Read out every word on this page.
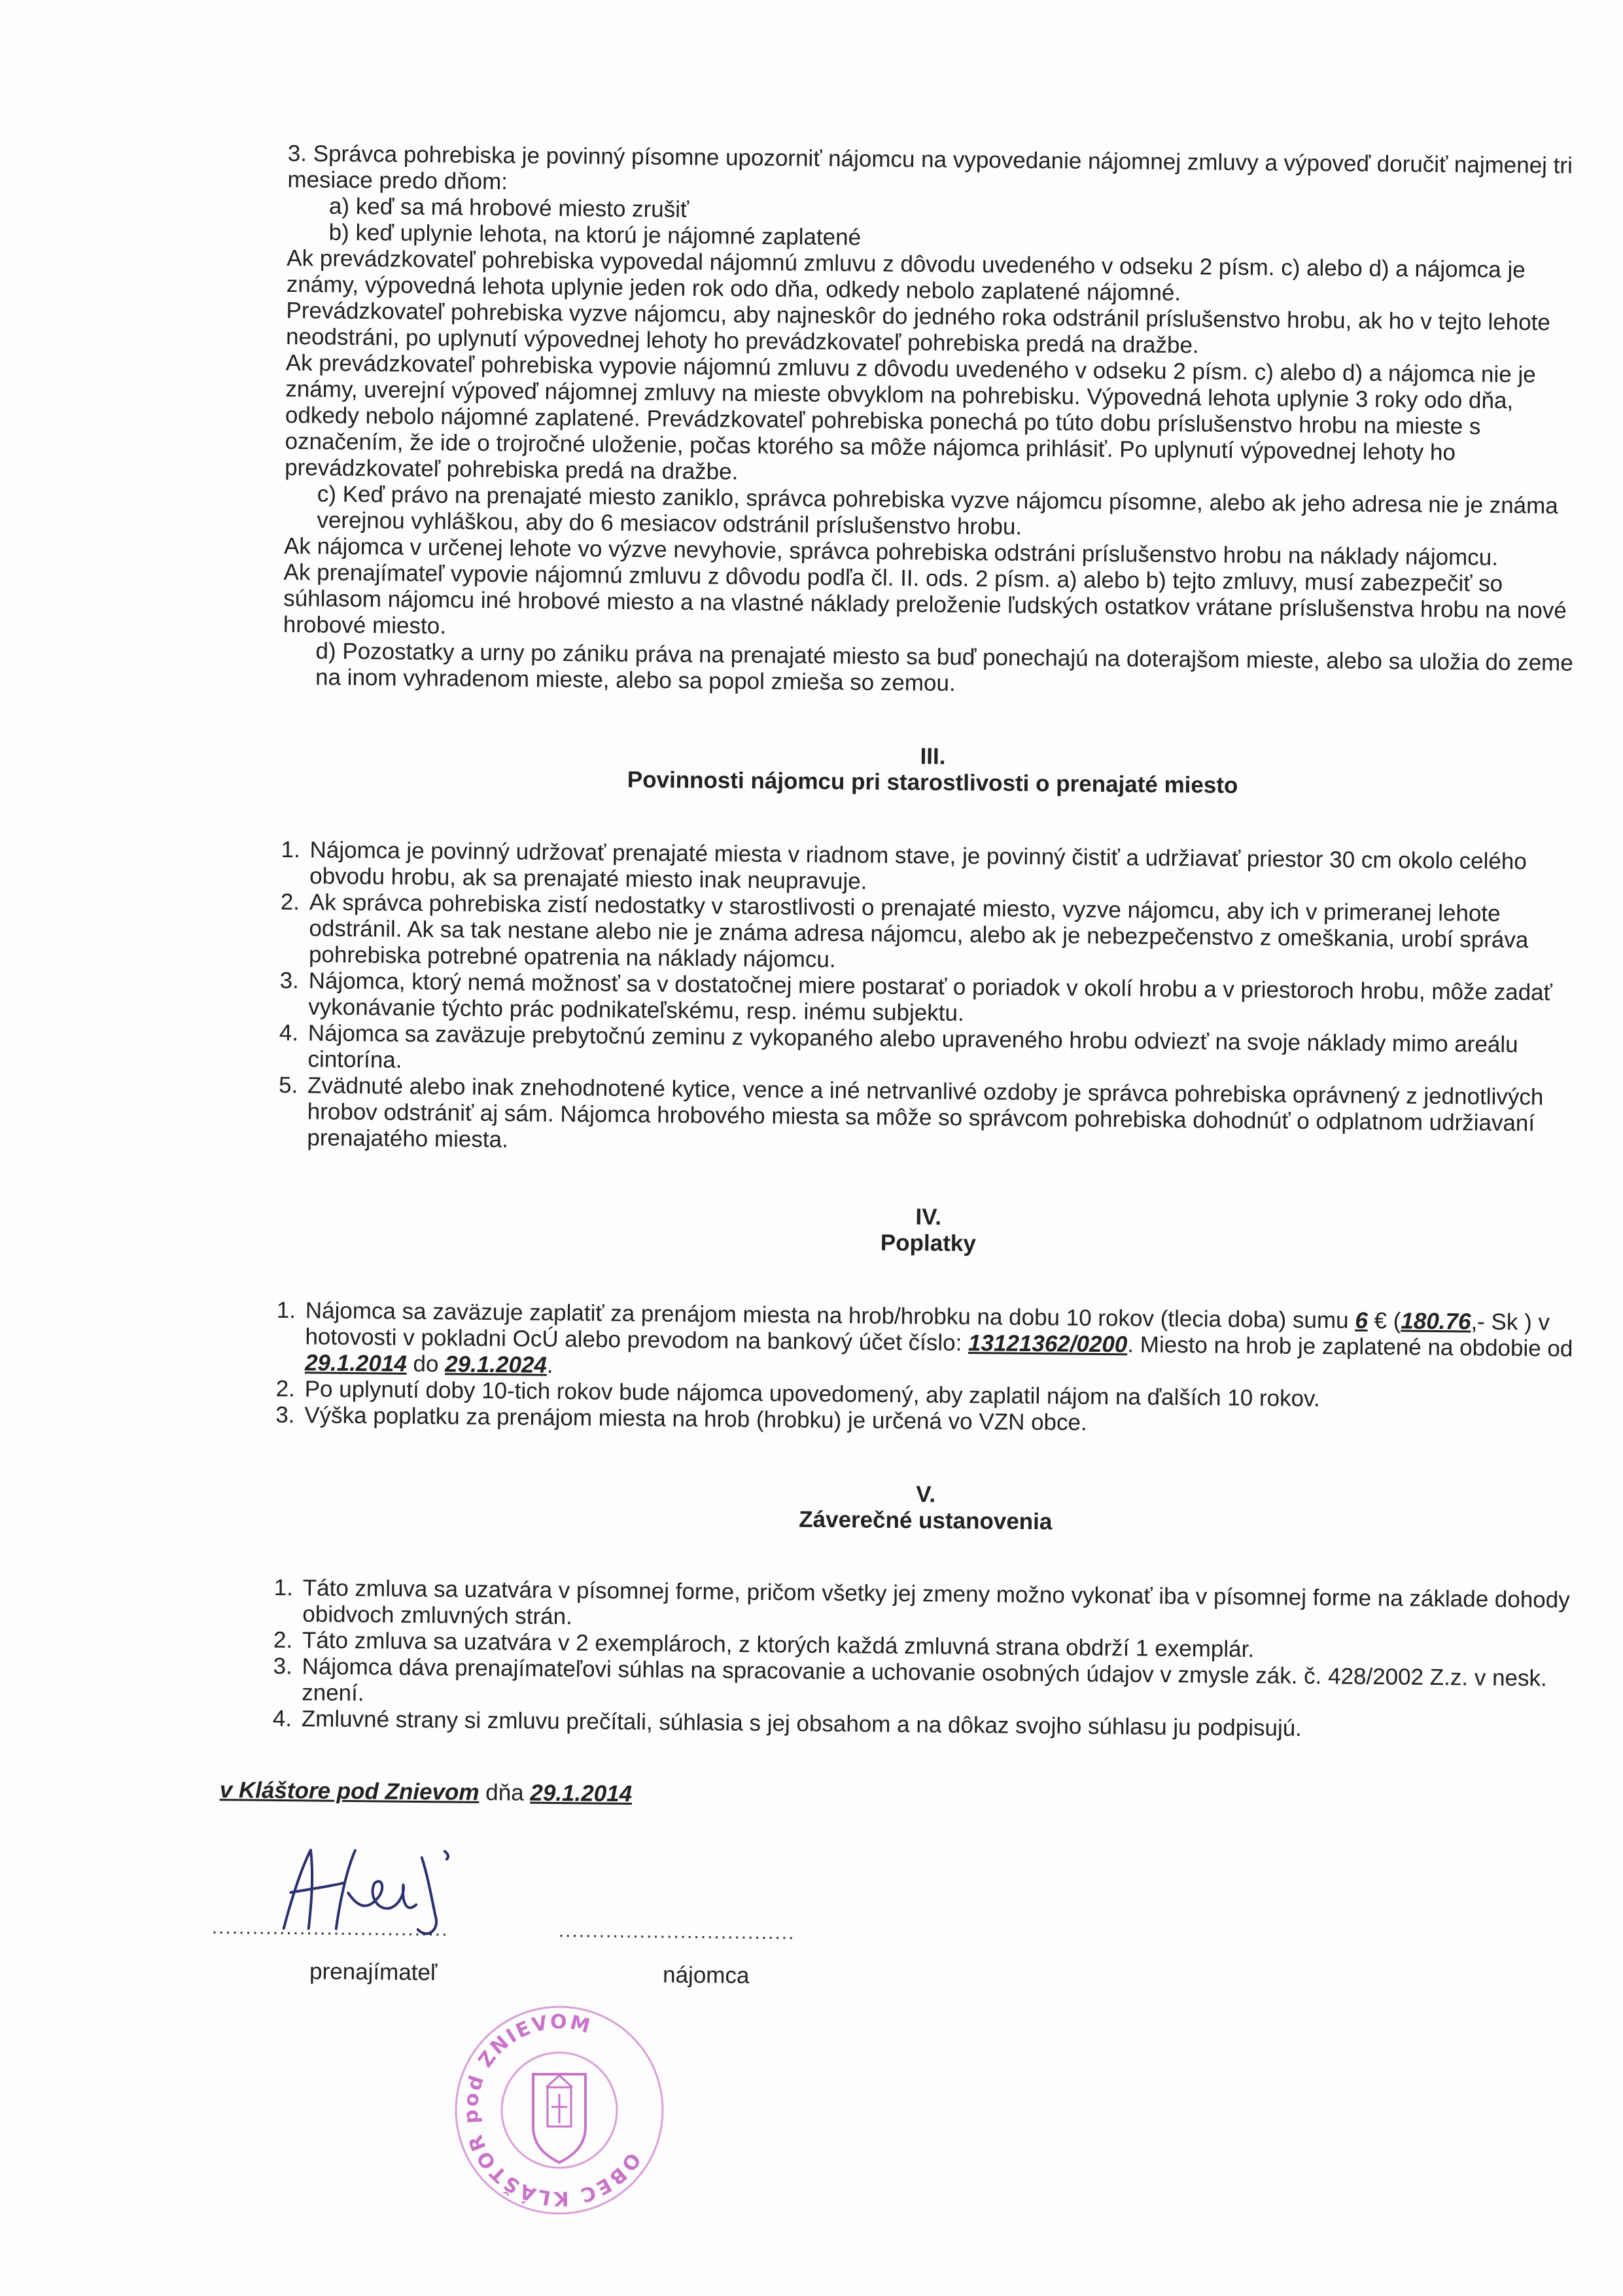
3. Správca pohrebiska je povinný písomne upozorniť nájomcu na vypovedanie nájomnej zmluvy a výpoveď doručiť najmenej tri mesiace predo dňom:

a) keď sa má hrobové miesto zrušiť

b) keď uplynie lehota, na ktorú je nájomné zaplatené

Ak prevádzkovateľ pohrebiska vypovedal nájomnú zmluvu z dôvodu uvedeného v odseku 2 písm. c) alebo d) a nájomca je známy, výpovedná lehota uplynie jeden rok odo dňa, odkedy nebolo zaplatené nájomné.

Prevádzkovateľ pohrebiska vyzve nájomcu, aby najneskôr do jedného roka odstránil príslušenstvo hrobu, ak ho v tejto lehote neodstráni, po uplynutí výpovednej lehoty ho prevádzkovateľ pohrebiska predá na dražbe.

Ak prevádzkovateľ pohrebiska vypovie nájomnú zmluvu z dôvodu uvedeného v odseku 2 písm. c) alebo d) a nájomca nie je známy, uverejní výpoveď nájomnej zmluvy na mieste obvyklom na pohrebisku. Výpovedná lehota uplynie 3 roky odo dňa, odkedy nebolo nájomné zaplatené. Prevádzkovateľ pohrebiska ponechá po túto dobu príslušenstvo hrobu na mieste s označením, že ide o trojročné uloženie, počas ktorého sa môže nájomca prihlásiť. Po uplynutí výpovednej lehoty ho prevádzkovateľ pohrebiska predá na dražbe.

c) Keď právo na prenajaté miesto zaniklo, správca pohrebiska vyzve nájomcu písomne, alebo ak jeho adresa nie je známa verejnou vyhláškou, aby do 6 mesiacov odstránil príslušenstvo hrobu.

Ak nájomca v určenej lehote vo výzve nevyhovie, správca pohrebiska odstráni príslušenstvo hrobu na náklady nájomcu.

Ak prenajímateľ vypovie nájomnú zmluvu z dôvodu podľa čl. II. ods. 2 písm. a) alebo b) tejto zmluvy, musí zabezpečiť so súhlasom nájomcu iné hrobové miesto a na vlastné náklady preloženie ľudských ostatkov vrátane príslušenstva hrobu na nové hrobové miesto.

d) Pozostatky a urny po zániku práva na prenajaté miesto sa buď ponechajú na doterajšom mieste, alebo sa uložia do zeme na inom vyhradenom mieste, alebo sa popol zmieša so zemou.

III.

Povinnosti nájomcu pri starostlivosti o prenajaté miesto

1. Nájomca je povinný udržovať prenajaté miesta v riadnom stave, je povinný čistiť a udržiavať priestor 30 cm okolo celého obvodu hrobu, ak sa prenajaté miesto inak neupravuje.

2. Ak správca pohrebiska zistí nedostatky v starostlivosti o prenajaté miesto, vyzve nájomcu, aby ich v primeranej lehote odstránil. Ak sa tak nestane alebo nie je známa adresa nájomcu, alebo ak je nebezpečenstvo z omeškania, urobí správa pohrebiska potrebné opatrenia na náklady nájomcu.

3. Nájomca, ktorý nemá možnosť sa v dostatočnej miere postarať o poriadok v okolí hrobu a v priestoroch hrobu, môže zadať vykonávanie týchto prác podnikateľskému, resp. inému subjektu.

4. Nájomca sa zaväzuje prebytočnú zeminu z vykopaného alebo upraveného hrobu odviezť na svoje náklady mimo areálu cintorína.

5. Zvädnuté alebo inak znehodnotené kytice, vence a iné netrvanlivé ozdoby je správca pohrebiska oprávnený z jednotlivých hrobov odstrániť aj sám. Nájomca hrobového miesta sa môže so správcom pohrebiska dohodnúť o odplatnom udržiavaní prenajatého miesta.

IV.

Poplatky

1. Nájomca sa zaväzuje zaplatiť za prenájom miesta na hrob/hrobku na dobu 10 rokov (tlecia doba) sumu 6 € (180.76,- Sk ) v hotovosti v pokladni OcÚ alebo prevodom na bankový účet číslo: 13121362/0200. Miesto na hrob je zaplatené na obdobie od 29.1.2014 do 29.1.2024.

2. Po uplynutí doby 10-tich rokov bude nájomca upovedomený, aby zaplatil nájom na ďalších 10 rokov.

3. Výška poplatku za prenájom miesta na hrob (hrobku) je určená vo VZN obce.

V.

Záverečné ustanovenia

1. Táto zmluva sa uzatvára v písomnej forme, pričom všetky jej zmeny možno vykonať iba v písomnej forme na základe dohody obidvoch zmluvných strán.

2. Táto zmluva sa uzatvára v 2 exemplároch, z ktorých každá zmluvná strana obdrží 1 exemplár.

3. Nájomca dáva prenajímateľovi súhlas na spracovanie a uchovanie osobných údajov v zmysle zák. č. 428/2002 Z.z. v nesk. znení.

4. Zmluvné strany si zmluvu prečítali, súhlasia s jej obsahom a na dôkaz svojho súhlasu ju podpisujú.

v Kláštore pod Znievom dňa 29.1.2014

...................................	...................................
prenajímateľ	nájomca
OBEC KLÁŠTOR pod ZNIEVOM
